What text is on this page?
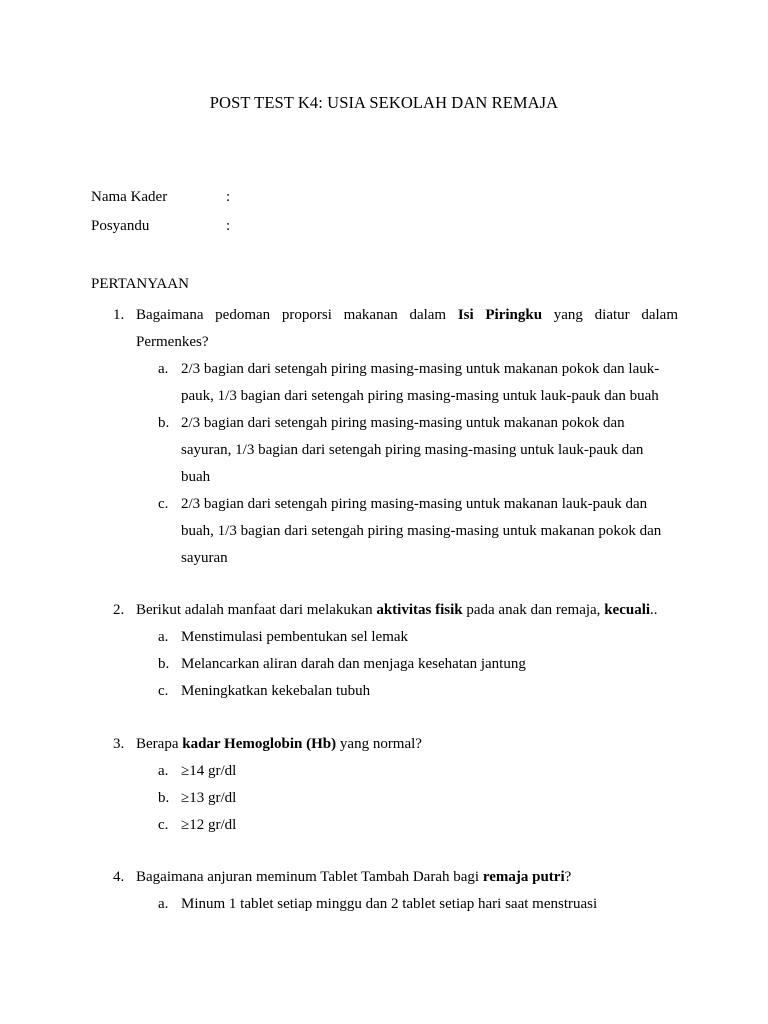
POST TEST K4: USIA SEKOLAH DAN REMAJA
Nama Kader	:
Posyandu	:
PERTANYAAN
1. Bagaimana pedoman proporsi makanan dalam Isi Piringku yang diatur dalam Permenkes?
a. 2/3 bagian dari setengah piring masing-masing untuk makanan pokok dan lauk-pauk, 1/3 bagian dari setengah piring masing-masing untuk lauk-pauk dan buah
b. 2/3 bagian dari setengah piring masing-masing untuk makanan pokok dan sayuran, 1/3 bagian dari setengah piring masing-masing untuk lauk-pauk dan buah
c. 2/3 bagian dari setengah piring masing-masing untuk makanan lauk-pauk dan buah, 1/3 bagian dari setengah piring masing-masing untuk makanan pokok dan sayuran
2. Berikut adalah manfaat dari melakukan aktivitas fisik pada anak dan remaja, kecuali..
a. Menstimulasi pembentukan sel lemak
b. Melancarkan aliran darah dan menjaga kesehatan jantung
c. Meningkatkan kekebalan tubuh
3. Berapa kadar Hemoglobin (Hb) yang normal?
a. ≥14 gr/dl
b. ≥13 gr/dl
c. ≥12 gr/dl
4. Bagaimana anjuran meminum Tablet Tambah Darah bagi remaja putri?
a. Minum 1 tablet setiap minggu dan 2 tablet setiap hari saat menstruasi
